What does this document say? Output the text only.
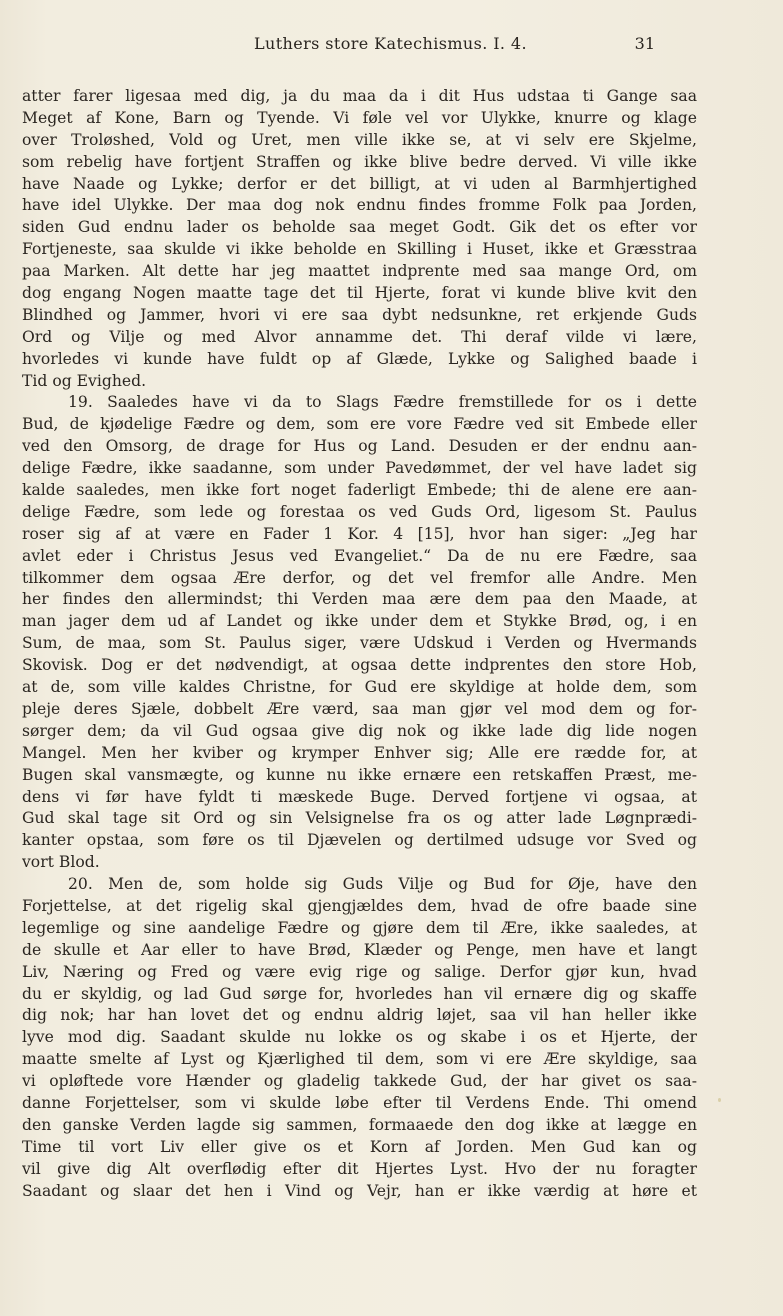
Luthers store Katechismus. I. 4.	31
atter farer ligesaa med dig, ja du maa da i dit Hus udstaa ti Gange saa
Meget af Kone, Barn og Tyende. Vi føle vel vor Ulykke, knurre og klage
over Troløshed, Vold og Uret, men ville ikke se, at vi selv ere Skjelme,
som rebelig have fortjent Straffen og ikke blive bedre derved. Vi ville ikke
have Naade og Lykke; derfor er det billigt, at vi uden al Barmhjertighed
have idel Ulykke. Der maa dog nok endnu findes fromme Folk paa Jorden,
siden Gud endnu lader os beholde saa meget Godt. Gik det os efter vor
Fortjeneste, saa skulde vi ikke beholde en Skilling i Huset, ikke et Græsstraa
paa Marken. Alt dette har jeg maattet indprente med saa mange Ord, om
dog engang Nogen maatte tage det til Hjerte, forat vi kunde blive kvit den
Blindhed og Jammer, hvori vi ere saa dybt nedsunkne, ret erkjende Guds
Ord og Vilje og med Alvor annamme det. Thi deraf vilde vi lære,
hvorledes vi kunde have fuldt op af Glæde, Lykke og Salighed baade i
Tid og Evighed.
19. Saaledes have vi da to Slags Fædre fremstillede for os i dette
Bud, de kjødelige Fædre og dem, som ere vore Fædre ved sit Embede eller
ved den Omsorg, de drage for Hus og Land. Desuden er der endnu aan-
delige Fædre, ikke saadanne, som under Pavedømmet, der vel have ladet sig
kalde saaledes, men ikke fort noget faderligt Embede; thi de alene ere aan-
delige Fædre, som lede og forestaa os ved Guds Ord, ligesom St. Paulus
roser sig af at være en Fader 1 Kor. 4 [15], hvor han siger: „Jeg har
avlet eder i Christus Jesus ved Evangeliet.“ Da de nu ere Fædre, saa
tilkommer dem ogsaa Ære derfor, og det vel fremfor alle Andre. Men
her findes den allermindst; thi Verden maa ære dem paa den Maade, at
man jager dem ud af Landet og ikke under dem et Stykke Brød, og, i en
Sum, de maa, som St. Paulus siger, være Udskud i Verden og Hvermands
Skovisk. Dog er det nødvendigt, at ogsaa dette indprentes den store Hob,
at de, som ville kaldes Christne, for Gud ere skyldige at holde dem, som
pleje deres Sjæle, dobbelt Ære værd, saa man gjør vel mod dem og for-
sørger dem; da vil Gud ogsaa give dig nok og ikke lade dig lide nogen
Mangel. Men her kviber og krymper Enhver sig; Alle ere rædde for, at
Bugen skal vansmægte, og kunne nu ikke ernære een retskaffen Præst, me-
dens vi før have fyldt ti mæskede Buge. Derved fortjene vi ogsaa, at
Gud skal tage sit Ord og sin Velsignelse fra os og atter lade Løgnprædi-
kanter opstaa, som føre os til Djævelen og dertilmed udsuge vor Sved og
vort Blod.
20. Men de, som holde sig Guds Vilje og Bud for Øje, have den
Forjettelse, at det rigelig skal gjengjældes dem, hvad de ofre baade sine
legemlige og sine aandelige Fædre og gjøre dem til Ære, ikke saaledes, at
de skulle et Aar eller to have Brød, Klæder og Penge, men have et langt
Liv, Næring og Fred og være evig rige og salige. Derfor gjør kun, hvad
du er skyldig, og lad Gud sørge for, hvorledes han vil ernære dig og skaffe
dig nok; har han lovet det og endnu aldrig løjet, saa vil han heller ikke
lyve mod dig. Saadant skulde nu lokke os og skabe i os et Hjerte, der
maatte smelte af Lyst og Kjærlighed til dem, som vi ere Ære skyldige, saa
vi opløftede vore Hænder og gladelig takkede Gud, der har givet os saa-
danne Forjettelser, som vi skulde løbe efter til Verdens Ende. Thi omend
den ganske Verden lagde sig sammen, formaaede den dog ikke at lægge en
Time til vort Liv eller give os et Korn af Jorden. Men Gud kan og
vil give dig Alt overflødig efter dit Hjertes Lyst. Hvo der nu foragter
Saadant og slaar det hen i Vind og Vejr, han er ikke værdig at høre et
